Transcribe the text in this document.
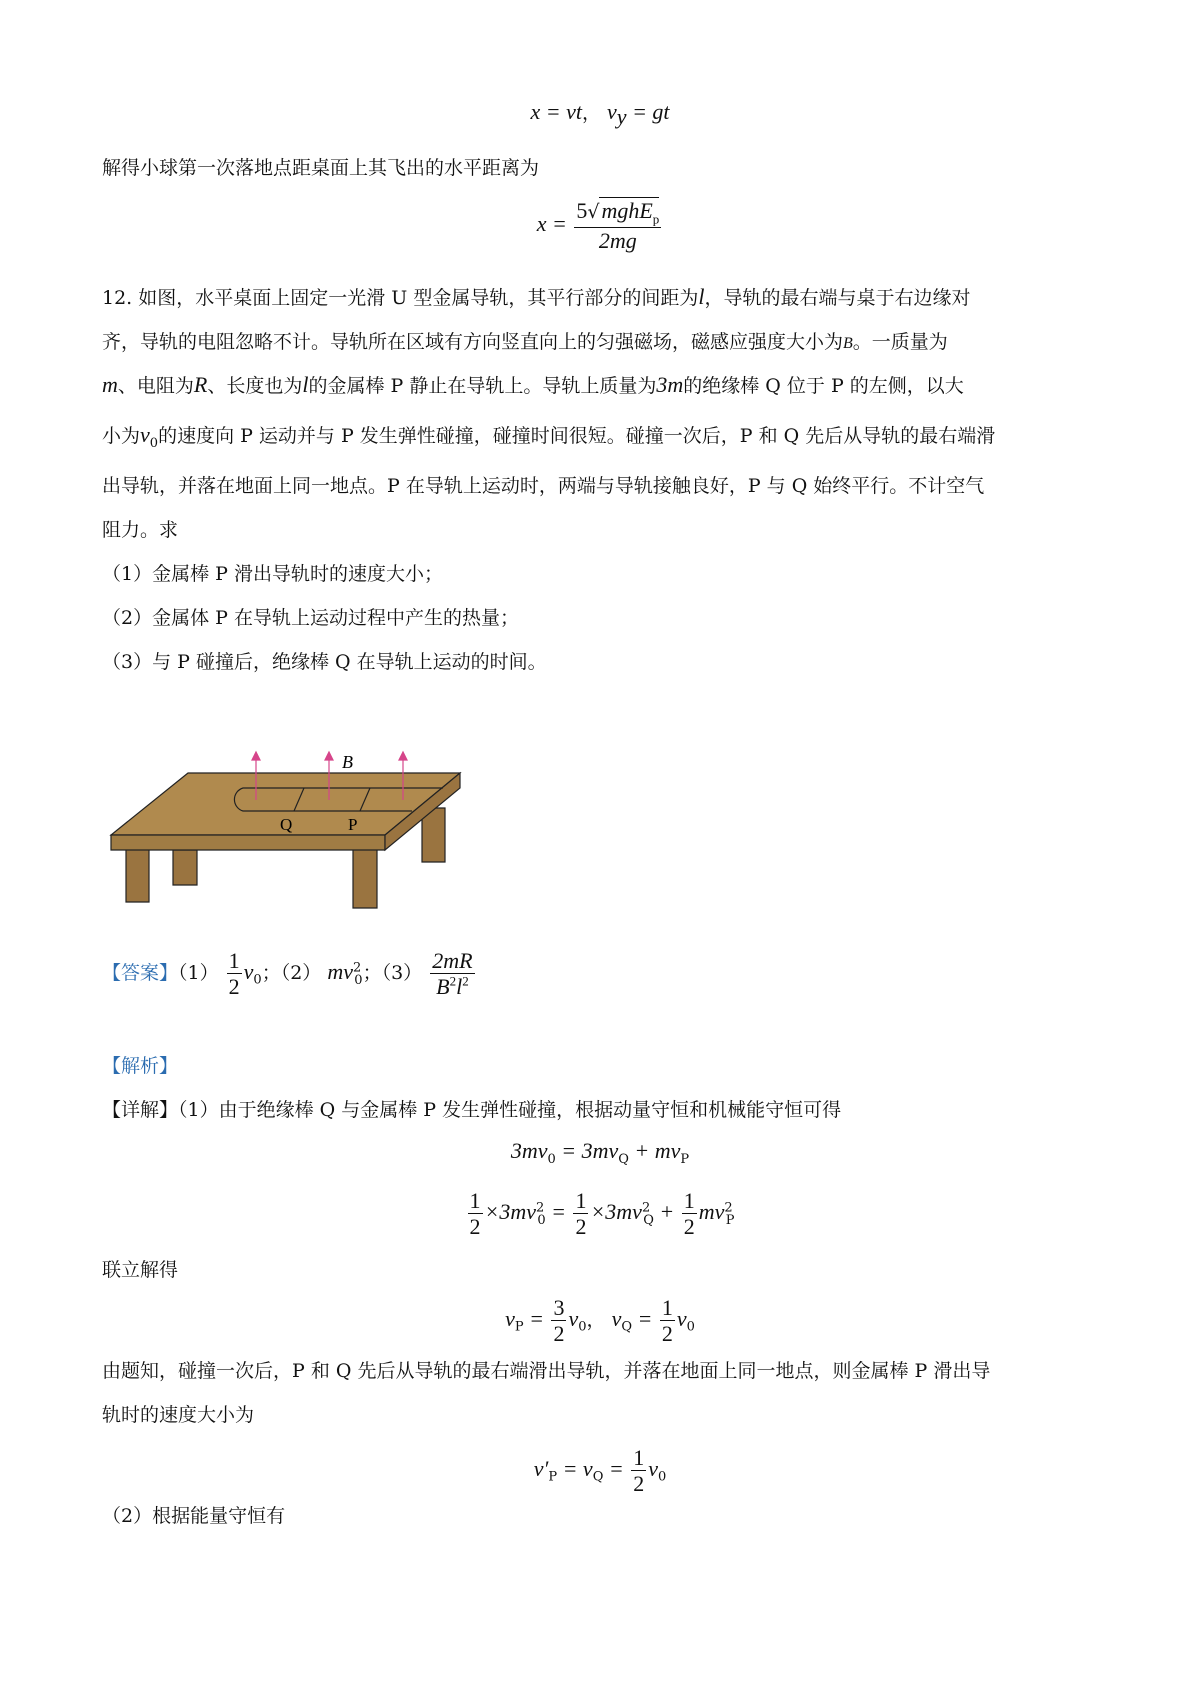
x = vt， $v_y$ = gt
解得小球第一次落地点距桌面上其飞出的水平距离为
$x = \frac{5√mghE_p}{2mg}$
12. 如图，水平桌面上固定一光滑 U 型金属导轨，其平行部分的间距为l，导轨的最右端与桌于右边缘对
齐，导轨的电阻忽略不计。导轨所在区域有方向竖直向上的匀强磁场，磁感应强度大小为B。一质量为
m、电阻为R、长度也为l的金属棒 P 静止在导轨上。导轨上质量为3m的绝缘棒 Q 位于 P 的左侧，以大
小为$v_0$的速度向 P 运动并与 P 发生弹性碰撞，碰撞时间很短。碰撞一次后，P 和 Q 先后从导轨的最右端滑
出导轨，并落在地面上同一地点。P 在导轨上运动时，两端与导轨接触良好，P 与 Q 始终平行。不计空气
阻力。求
（1）金属棒 P 滑出导轨时的速度大小；
（2）金属体 P 在导轨上运动过程中产生的热量；
（3）与 P 碰撞后，绝缘棒 Q 在导轨上运动的时间。
B
Q	P
【答案】$(1) \frac{1}{2} v_0$；（2） $mv^2_0$；$(3) \frac{2mR}{B^2l^2}$
【解析】
【详解】（1）由于绝缘棒 Q 与金属棒 P 发生弹性碰撞，根据动量守恒和机械能守恒可得
$3mv_0 = 3mv_Q + mv_P$
$\frac{1}{2} \times 3mv^2_0 = \frac{1}{2} \times 3mv^2_Q + \frac{1}{2} mv^2_P$
联立解得
$v_P = \frac{3}{2} v_0$， $v_Q = \frac{1}{2} v_0$
由题知，碰撞一次后，P 和 Q 先后从导轨的最右端滑出导轨，并落在地面上同一地点，则金属棒 P 滑出导
轨时的速度大小为
$v'_P = v_Q = \frac{1}{2} v_0$
（2）根据能量守恒有
